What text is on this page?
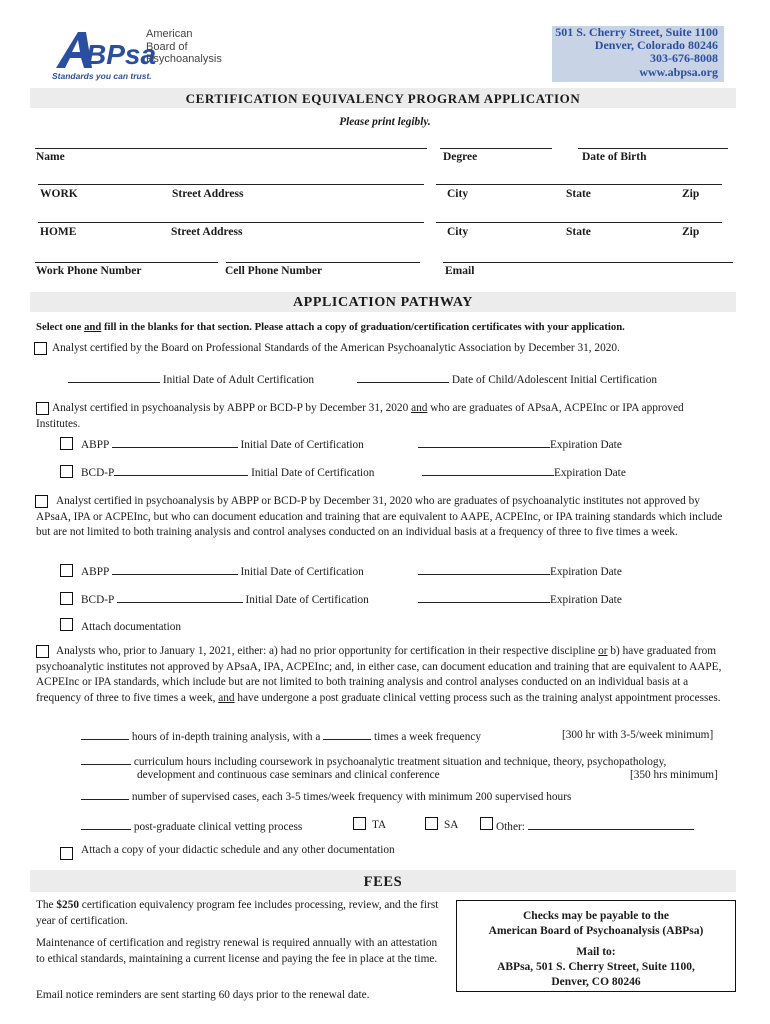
BPsa
American
Board of
Psychoanalysis
Standards you can trust.
501 S. Cherry Street, Suite 1100
Denver, Colorado 80246
303-676-8008
www.abpsa.org
CERTIFICATION EQUIVALENCY PROGRAM APPLICATION
Please print legibly.
Name	Degree	Date of Birth
WORK	Street Address	City	State	Zip
HOME	Street Address	City	State	Zip
Work Phone Number	Cell Phone Number	Email
APPLICATION PATHWAY
Select one and fill in the blanks for that section. Please attach a copy of graduation/certification certificates with your application.
Analyst certified by the Board on Professional Standards of the American Psychoanalytic Association by December 31, 2020.
Initial Date of Adult Certification	Date of Child/Adolescent Initial Certification
Analyst certified in psychoanalysis by ABPP or BCD-P by December 31, 2020 and who are graduates of APsaA, ACPEInc or IPA approved Institutes.
ABPP	Initial Date of Certification	Expiration Date
BCD-P	Initial Date of Certification	Expiration Date
Analyst certified in psychoanalysis by ABPP or BCD-P by December 31, 2020 who are graduates of psychoanalytic institutes not approved by APsaA, IPA or ACPEInc, but who can document education and training that are equivalent to AAPE, ACPEInc, or IPA training standards which include but are not limited to both training analysis and control analyses conducted on an individual basis at a frequency of three to five times a week.
ABPP	Initial Date of Certification	Expiration Date
BCD-P	Initial Date of Certification	Expiration Date
Attach documentation
Analysts who, prior to January 1, 2021, either: a) had no prior opportunity for certification in their respective discipline or b) have graduated from psychoanalytic institutes not approved by APsaA, IPA, ACPEInc; and, in either case, can document education and training that are equivalent to AAPE, ACPEInc or IPA standards, which include but are not limited to both training analysis and control analyses conducted on an individual basis at a frequency of three to five times a week, and have undergone a post graduate clinical vetting process such as the training analyst appointment processes.
hours of in-depth training analysis, with a	times a week frequency	[300 hr with 3-5/week minimum]
curriculum hours including coursework in psychoanalytic treatment situation and technique, theory, psychopathology,
development and continuous case seminars and clinical conference	[350 hrs minimum]
number of supervised cases, each 3-5 times/week frequency with minimum 200 supervised hours
post-graduate clinical vetting process	TA	SA	Other:
Attach a copy of your didactic schedule and any other documentation
FEES
The $250 certification equivalency program fee includes processing, review, and the first year of certification.
Maintenance of certification and registry renewal is required annually with an attestation to ethical standards, maintaining a current license and paying the fee in place at the time.
Email notice reminders are sent starting 60 days prior to the renewal date.
Checks may be payable to the
American Board of Psychoanalysis (ABPsa)
Mail to:
ABPsa, 501 S. Cherry Street, Suite 1100,
Denver, CO 80246
